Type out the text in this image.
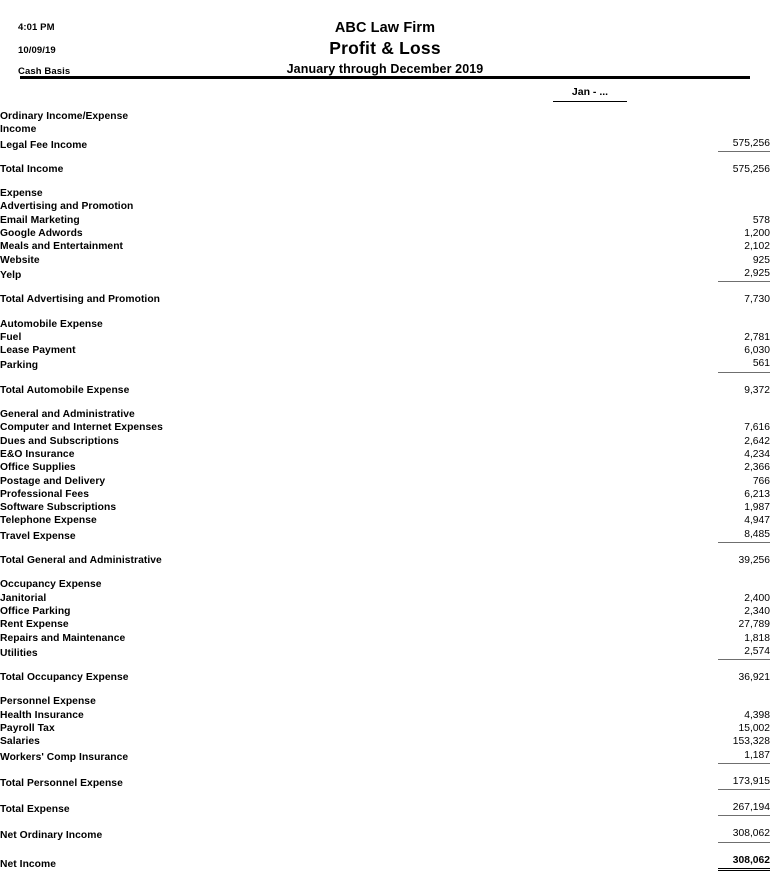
4:01 PM
10/09/19
Cash Basis
ABC Law Firm
Profit & Loss
January through December 2019
Jan - ...
Ordinary Income/Expense	
Income	
Legal Fee Income	575,256

Total Income	575,256

Expense	
Advertising and Promotion	
Email Marketing	578
Google Adwords	1,200
Meals and Entertainment	2,102
Website	925
Yelp	2,925

Total Advertising and Promotion	7,730

Automobile Expense	
Fuel	2,781
Lease Payment	6,030
Parking	561

Total Automobile Expense	9,372

General and Administrative	
Computer and Internet Expenses	7,616
Dues and Subscriptions	2,642
E&O Insurance	4,234
Office Supplies	2,366
Postage and Delivery	766
Professional Fees	6,213
Software Subscriptions	1,987
Telephone Expense	4,947
Travel Expense	8,485

Total General and Administrative	39,256

Occupancy Expense	
Janitorial	2,400
Office Parking	2,340
Rent Expense	27,789
Repairs and Maintenance	1,818
Utilities	2,574

Total Occupancy Expense	36,921

Personnel Expense	
Health Insurance	4,398
Payroll Tax	15,002
Salaries	153,328
Workers' Comp Insurance	1,187

Total Personnel Expense	173,915

Total Expense	267,194

Net Ordinary Income	308,062

Net Income	308,062
